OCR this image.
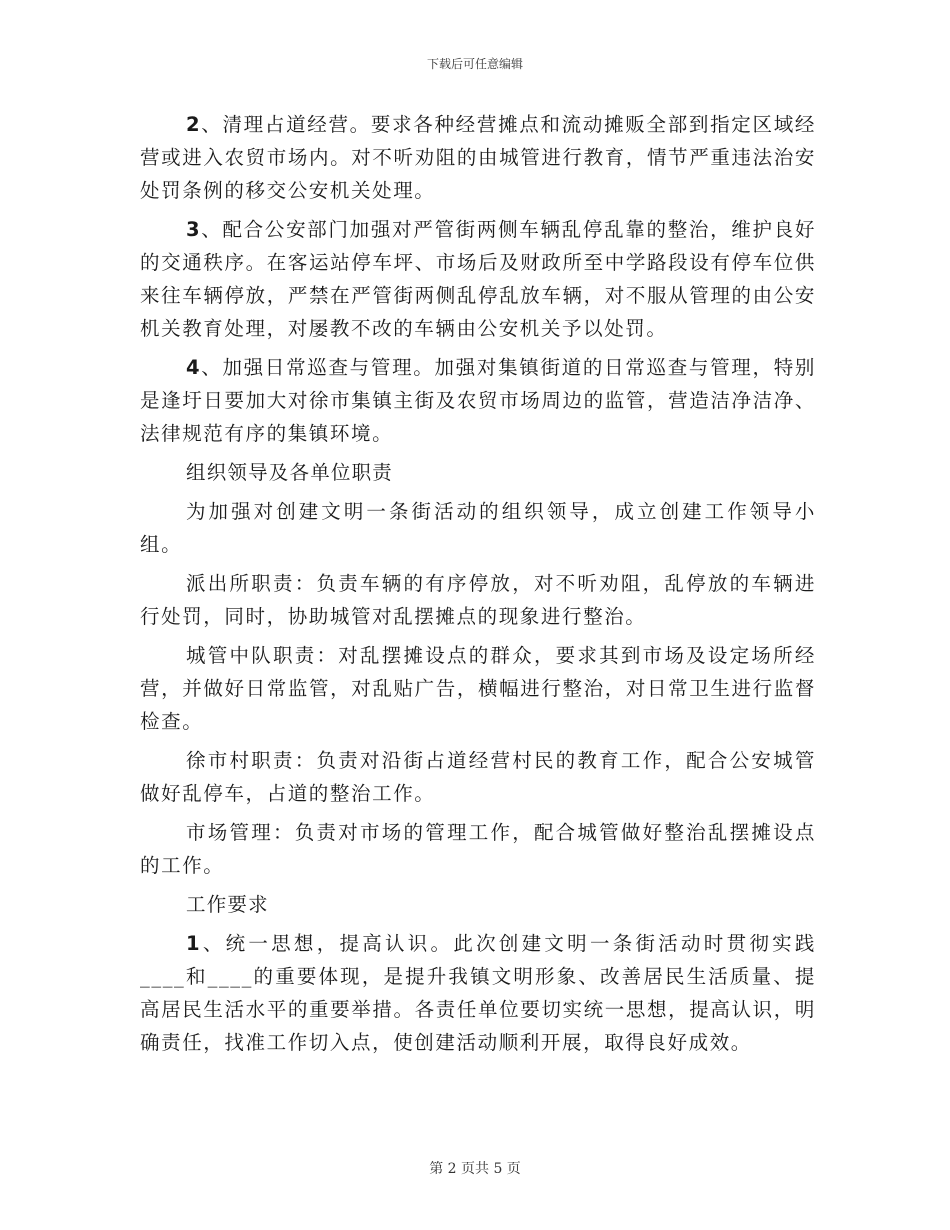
下载后可任意编辑

2、清理占道经营。要求各种经营摊点和流动摊贩全部到指定区域经营或进入农贸市场内。对不听劝阻的由城管进行教育，情节严重违法治安处罚条例的移交公安机关处理。

3、配合公安部门加强对严管街两侧车辆乱停乱靠的整治，维护良好的交通秩序。在客运站停车坪、市场后及财政所至中学路段设有停车位供来往车辆停放，严禁在严管街两侧乱停乱放车辆，对不服从管理的由公安机关教育处理，对屡教不改的车辆由公安机关予以处罚。

4、加强日常巡查与管理。加强对集镇街道的日常巡查与管理，特别是逢圩日要加大对徐市集镇主街及农贸市场周边的监管，营造洁净洁净、法律规范有序的集镇环境。

组织领导及各单位职责

为加强对创建文明一条街活动的组织领导，成立创建工作领导小组。

派出所职责：负责车辆的有序停放，对不听劝阻，乱停放的车辆进行处罚，同时，协助城管对乱摆摊点的现象进行整治。

城管中队职责：对乱摆摊设点的群众，要求其到市场及设定场所经营，并做好日常监管，对乱贴广告，横幅进行整治，对日常卫生进行监督检查。

徐市村职责：负责对沿街占道经营村民的教育工作，配合公安城管做好乱停车，占道的整治工作。

市场管理：负责对市场的管理工作，配合城管做好整治乱摆摊设点的工作。

工作要求

1、统一思想，提高认识。此次创建文明一条街活动时贯彻实践____和____的重要体现，是提升我镇文明形象、改善居民生活质量、提高居民生活水平的重要举措。各责任单位要切实统一思想，提高认识，明确责任，找准工作切入点，使创建活动顺利开展，取得良好成效。

第 2 页共 5 页
